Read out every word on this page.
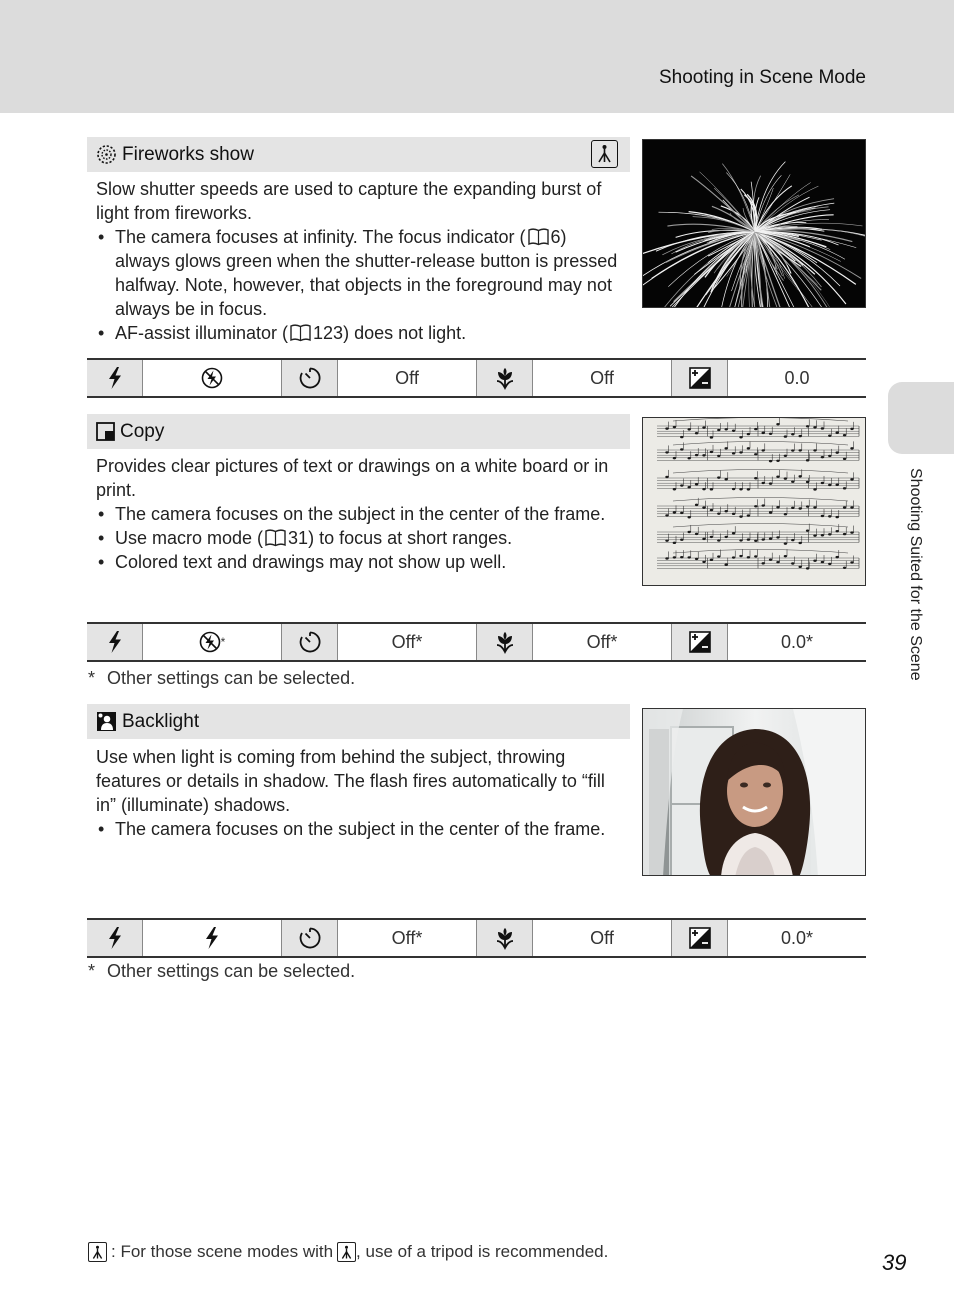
Shooting in Scene Mode
Shooting Suited for the Scene
Fireworks show

Slow shutter speeds are used to capture the expanding burst of light from fireworks.

• The camera focuses at infinity. The focus indicator ( 6) always glows green when the shutter-release button is pressed halfway. Note, however, that objects in the foreground may not always be in focus.
• AF-assist illuminator ( 123) does not light.
Off	Off	0.0
Copy

Provides clear pictures of text or drawings on a white board or in print.

• The camera focuses on the subject in the center of the frame.
• Use macro mode ( 31) to focus at short ranges.
• Colored text and drawings may not show up well.
*	Off*	Off*	0.0*
* Other settings can be selected.
Backlight

Use when light is coming from behind the subject, throwing features or details in shadow. The flash fires automatically to “fill in” (illuminate) shadows.

• The camera focuses on the subject in the center of the frame.
Off*	Off	0.0*
* Other settings can be selected.
: For those scene modes with , use of a tripod is recommended.	39
